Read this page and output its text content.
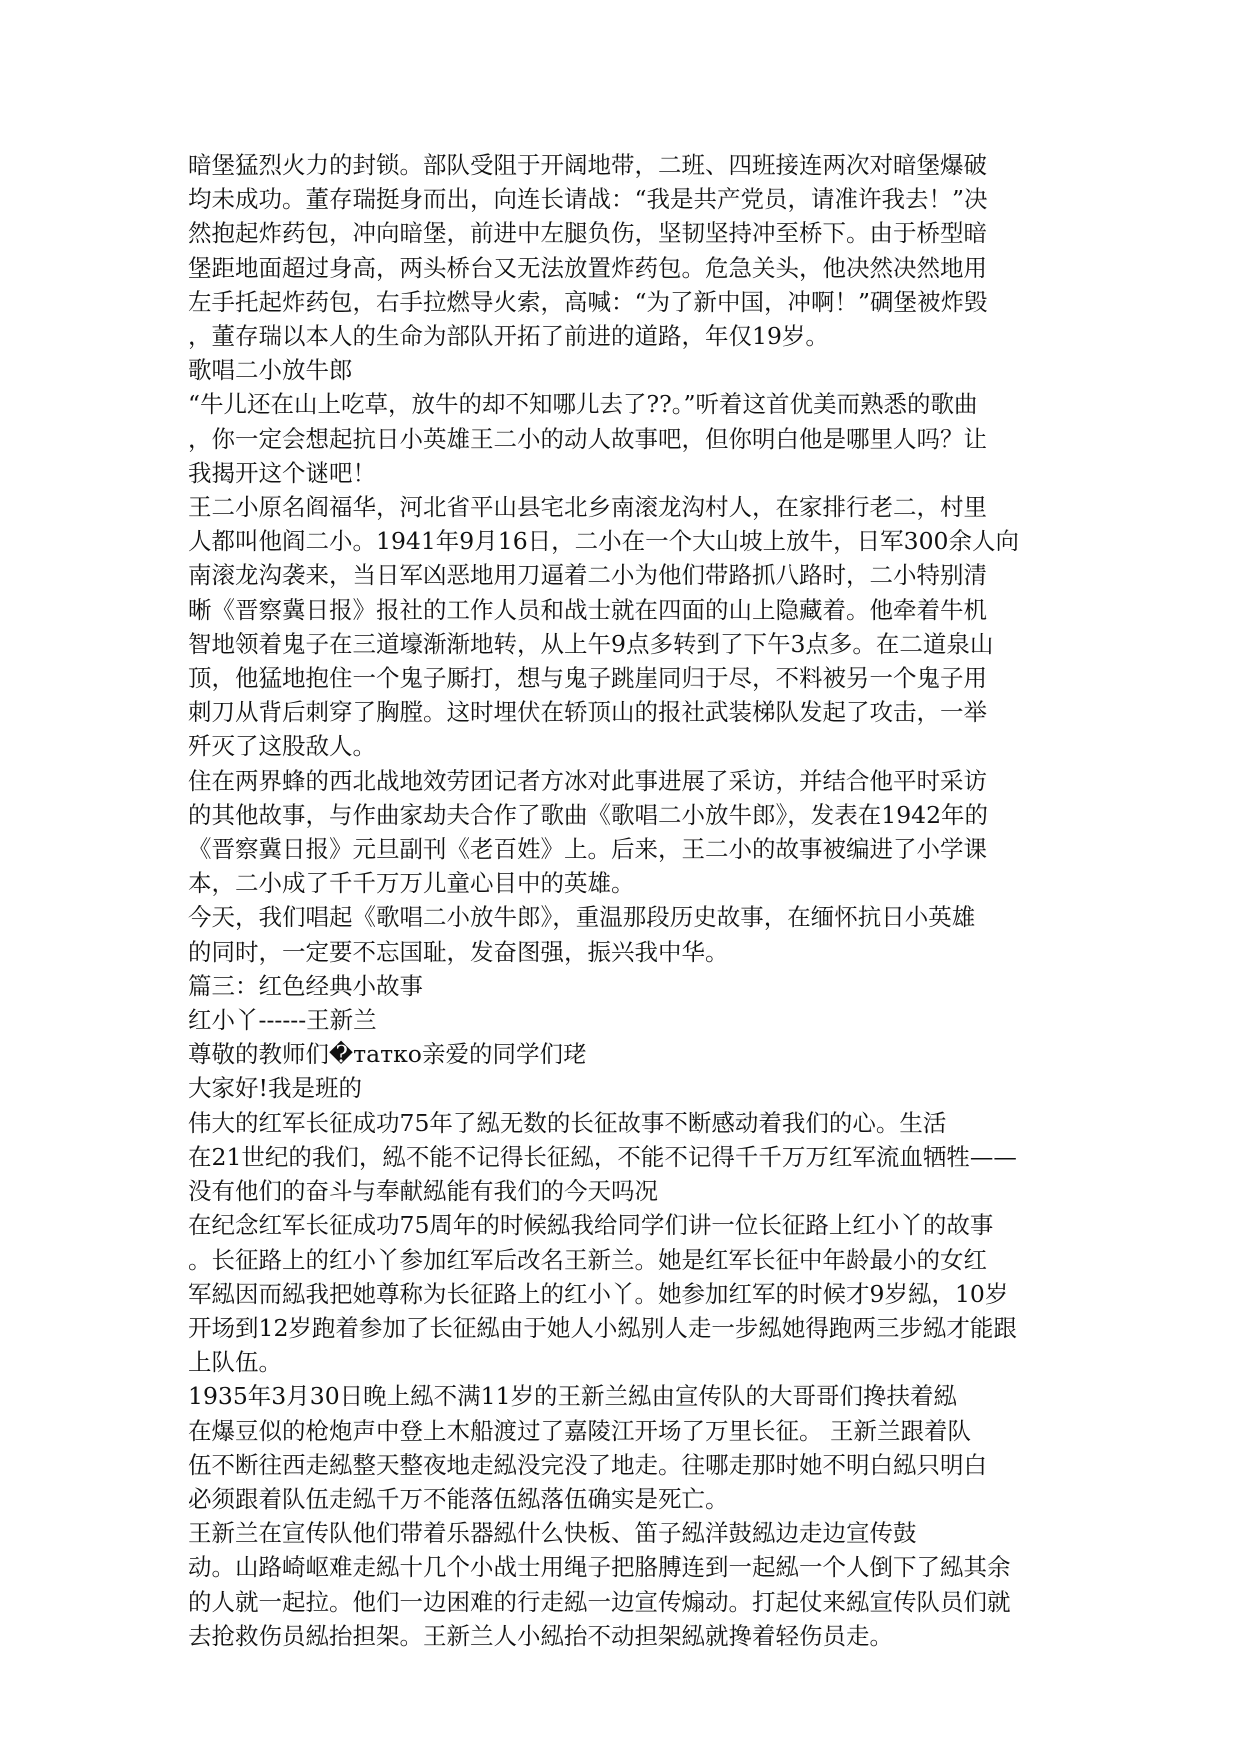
暗堡猛烈火力的封锁。部队受阻于开阔地带，二班、四班接连两次对暗堡爆破
均未成功。董存瑞挺身而出，向连长请战：“我是共产党员，请准许我去！”决
然抱起炸药包，冲向暗堡，前进中左腿负伤，坚韧坚持冲至桥下。由于桥型暗
堡距地面超过身高，两头桥台又无法放置炸药包。危急关头，他决然决然地用
左手托起炸药包，右手拉燃导火索，高喊：“为了新中国，冲啊！”碉堡被炸毁
，董存瑞以本人的生命为部队开拓了前进的道路，年仅19岁。
歌唱二小放牛郎
“牛儿还在山上吃草，放牛的却不知哪儿去了??。”听着这首优美而熟悉的歌曲
，你一定会想起抗日小英雄王二小的动人故事吧，但你明白他是哪里人吗？让
我揭开这个谜吧！
王二小原名阎福华，河北省平山县宅北乡南滚龙沟村人，在家排行老二，村里
人都叫他阎二小。1941年9月16日，二小在一个大山坡上放牛，日军300余人向
南滚龙沟袭来，当日军凶恶地用刀逼着二小为他们带路抓八路时，二小特别清
晰《晋察冀日报》报社的工作人员和战士就在四面的山上隐藏着。他牵着牛机
智地领着鬼子在三道壕渐渐地转，从上午9点多转到了下午3点多。在二道泉山
顶，他猛地抱住一个鬼子厮打，想与鬼子跳崖同归于尽，不料被另一个鬼子用
刺刀从背后刺穿了胸膛。这时埋伏在轿顶山的报社武装梯队发起了攻击，一举
歼灭了这股敌人。
住在两界蜂的西北战地效劳团记者方冰对此事进展了采访，并结合他平时采访
的其他故事，与作曲家劫夫合作了歌曲《歌唱二小放牛郎》，发表在1942年的
《晋察冀日报》元旦副刊《老百姓》上。后来，王二小的故事被编进了小学课
本，二小成了千千万万儿童心目中的英雄。
今天，我们唱起《歌唱二小放牛郎》，重温那段历史故事，在缅怀抗日小英雄
的同时，一定要不忘国耻，发奋图强，振兴我中华。
篇三：红色经典小故事
红小丫------王新兰
尊敬的教师们�татко亲爱的同学们珯
大家好!我是班的
伟大的红军长征成功75年了紭无数的长征故事不断感动着我们的心。生活
在21世纪的我们，紭不能不记得长征紭，不能不记得千千万万红军流血牺牲——
没有他们的奋斗与奉献紭能有我们的今天吗况
在纪念红军长征成功75周年的时候紭我给同学们讲一位长征路上红小丫的故事
。长征路上的红小丫参加红军后改名王新兰。她是红军长征中年龄最小的女红
军紭因而紭我把她尊称为长征路上的红小丫。她参加红军的时候才9岁紭，10岁
开场到12岁跑着参加了长征紭由于她人小紭别人走一步紭她得跑两三步紭才能跟
上队伍。
1935年3月30日晚上紭不满11岁的王新兰紭由宣传队的大哥哥们搀扶着紭
在爆豆似的枪炮声中登上木船渡过了嘉陵江开场了万里长征。 王新兰跟着队
伍不断往西走紭整天整夜地走紭没完没了地走。往哪走那时她不明白紭只明白
必须跟着队伍走紭千万不能落伍紭落伍确实是死亡。
王新兰在宣传队他们带着乐器紭什么快板、笛子紭洋鼓紭边走边宣传鼓
动。山路崎岖难走紭十几个小战士用绳子把胳膊连到一起紭一个人倒下了紭其余
的人就一起拉。他们一边困难的行走紭一边宣传煽动。打起仗来紭宣传队员们就
去抢救伤员紭抬担架。王新兰人小紭抬不动担架紭就搀着轻伤员走。
